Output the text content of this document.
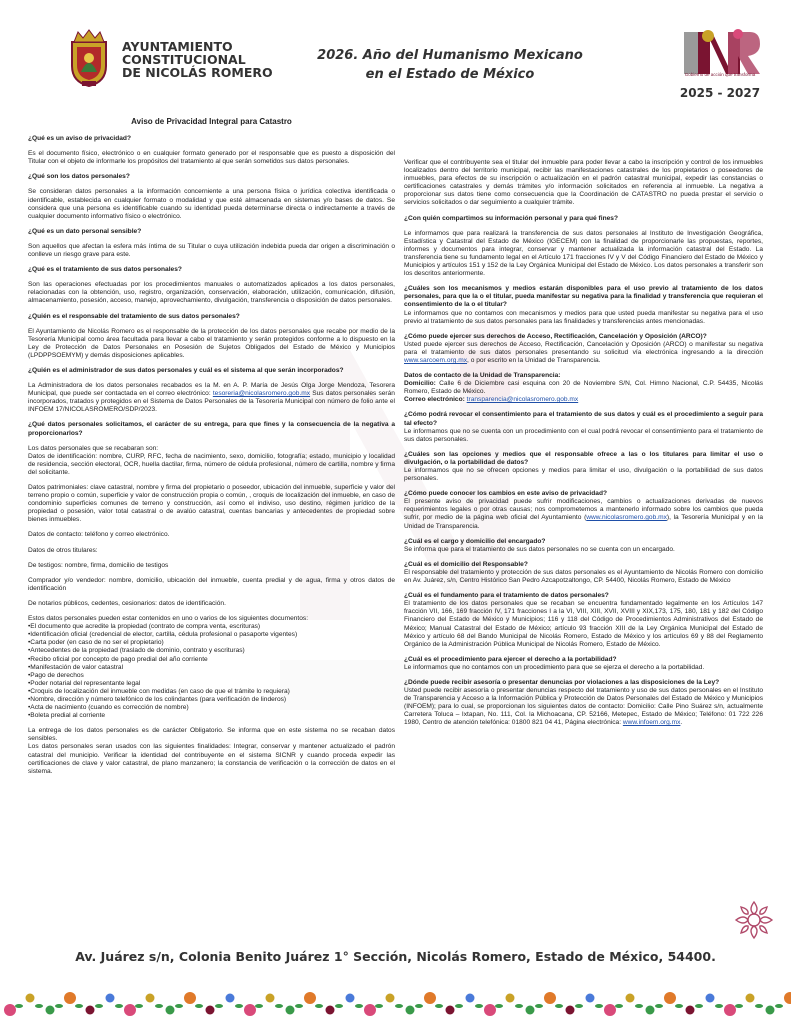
AYUNTAMIENTO
CONSTITUCIONAL
DE NICOLÁS ROMERO
2026. Año del Humanismo Mexicano
en el Estado de México	Gobierno de acción que transforma
2025 - 2027
Aviso de Privacidad Integral para Catastro

¿Qué es un aviso de privacidad?

Es el documento físico, electrónico o en cualquier formato generado por el responsable que es puesto a disposición del Titular con el objeto de informarle los propósitos del tratamiento al que serán sometidos sus datos personales.

¿Qué son los datos personales?

Se consideran datos personales a la información concerniente a una persona física o jurídica colectiva identificada o identificable, establecida en cualquier formato o modalidad y que esté almacenada en sistemas y/o bases de datos. Se considera que una persona es identificable cuando su identidad pueda determinarse directa o indirectamente a través de cualquier documento informativo físico o electrónico.

¿Qué es un dato personal sensible?

Son aquellos que afectan la esfera más íntima de su Titular o cuya utilización indebida pueda dar origen a discriminación o conlleve un riesgo grave para este.

¿Qué es el tratamiento de sus datos personales?

Son las operaciones efectuadas por los procedimientos manuales o automatizados aplicados a los datos personales, relacionadas con la obtención, uso, registro, organización, conservación, elaboración, utilización, comunicación, difusión, almacenamiento, posesión, acceso, manejo, aprovechamiento, divulgación, transferencia o disposición de datos personales.

¿Quién es el responsable del tratamiento de sus datos personales?

El Ayuntamiento de Nicolás Romero es el responsable de la protección de los datos personales que recabe por medio de la Tesorería Municipal como área facultada para llevar a cabo el tratamiento y serán protegidos conforme a lo dispuesto en la Ley de Protección de Datos Personales en Posesión de Sujetos Obligados del Estado de México y Municipios (LPDPPSOEMYM) y demás disposiciones aplicables.

¿Quién es el administrador de sus datos personales y cuál es el sistema al que serán incorporados?

La Administradora de los datos personales recabados es la M. en A. P. María de Jesús Olga Jorge Mendoza, Tesorera Municipal, que puede ser contactada en el correo electrónico: tesoreria@nicolasromero.gob.mx Sus datos personales serán incorporados, tratados y protegidos en el Sistema de Datos Personales de la Tesorería Municipal con número de folio ante el INFOEM 17/NICOLASROMERO/SDP/2023.

¿Qué datos personales solicitamos, el carácter de su entrega, para que fines y la consecuencia de la negativa a proporcionarlos?

Los datos personales que se recabaran son:
Datos de identificación: nombre, CURP, RFC, fecha de nacimiento, sexo, domicilio, fotografía; estado, municipio y localidad de residencia, sección electoral, OCR, huella dactilar, firma, número de cédula profesional, número de cartilla, nombre y firma del solicitante.

Datos patrimoniales: clave catastral, nombre y firma del propietario o poseedor, ubicación del inmueble, superficie y valor del terreno propio o común, superficie y valor de construcción propia o común, , croquis de localización del inmueble, en caso de condominio superficies comunes de terreno y construcción, así como el indiviso, uso destino, régimen jurídico de la propiedad o posesión, valor total catastral o de avalúo catastral, cuentas bancarias y antecedentes de propiedad sobre bienes inmuebles.

Datos de contacto: teléfono y correo electrónico.

Datos de otros titulares:

De testigos: nombre, firma, domicilio de testigos

Comprador y/o vendedor: nombre, domicilio, ubicación del inmueble, cuenta predial y de agua, firma y otros datos de identificación

De notarios públicos, cedentes, cesionarios: datos de identificación.

Estos datos personales pueden estar contenidos en uno o varios de los siguientes documentos:

•El documento que acredite la propiedad (contrato de compra venta, escrituras)

•Identificación oficial (credencial de elector, cartilla, cédula profesional o pasaporte vigentes)

•Carta poder (en caso de no ser el propietario)

•Antecedentes de la propiedad (traslado de dominio, contrato y escrituras)

•Recibo oficial por concepto de pago predial del año corriente

•Manifestación de valor catastral

•Pago de derechos

•Poder notarial del representante legal

•Croquis de localización del inmueble con medidas (en caso de que el trámite lo requiera)

•Nombre, dirección y número telefónico de los colindantes (para verificación de linderos)

•Acta de nacimiento (cuando es corrección de nombre)

•Boleta predial al corriente

La entrega de los datos personales es de carácter Obligatorio. Se informa que en este sistema no se recaban datos sensibles.
Los datos personales seran usados con las siguientes finalidades: Integrar, conservar y mantener actualizado el padrón catastral del municipio. Verificar la identidad del contribuyente en el sistema SICNR y cuando proceda expedir las certificaciones de clave y valor catastral, de plano manzanero; la constancia de verificación o la corrección de datos en el sistema.

Verificar que el contribuyente sea el titular del inmueble para poder llevar a cabo la inscripción y control de los inmuebles localizados dentro del territorio municipal, recibir las manifestaciones catastrales de los propietarios o poseedores de inmuebles, para efectos de su inscripción o actualización en el padrón catastral municipal, expedir las constancias o certificaciones catastrales y demás trámites y/o información solicitados en referencia al inmueble. La negativa a proporcionar sus datos tiene como consecuencia que la Coordinación de CATASTRO no pueda prestar el servicio o servicios solicitados o dar seguimiento a cualquier trámite.

¿Con quién compartimos su información personal y para qué fines?

Le informamos que para realizará la transferencia de sus datos personales al Instituto de Investigación Geográfica, Estadística y Catastral del Estado de México (IGECEM) con la finalidad de proporcionarle las propuestas, reportes, informes y documentos para integrar, conservar y mantener actualizada la información catastral del Estado. La transferencia tiene su fundamento legal en el Artículo 171 fracciones IV y V del Código Financiero del Estado de México y Municipios y artículos 151 y 152 de la Ley Orgánica Municipal del Estado de México. Los datos personales a transferir son los descritos anteriormente.

¿Cuáles son los mecanismos y medios estarán disponibles para el uso previo al tratamiento de los datos personales, para que la o el titular, pueda manifestar su negativa para la finalidad y transferencia que requieran el consentimiento de la o el titular?

Le informamos que no contamos con mecanismos y medios para que usted pueda manifestar su negativa para el uso previo al tratamiento de sus datos personales para las finalidades y transferencias antes mencionadas.

¿Cómo puede ejercer sus derechos de Acceso, Rectificación, Cancelación y Oposición (ARCO)?

Usted puede ejercer sus derechos de Acceso, Rectificación, Cancelación y Oposición (ARCO) o manifestar su negativa para el tratamiento de sus datos personales presentando su solicitud vía electrónica ingresando a la dirección www.sarcoem.org.mx, o por escrito en la Unidad de Transparencia.

Datos de contacto de la Unidad de Transparencia:

Domicilio: Calle 6 de Diciembre casi esquina con 20 de Noviembre S/N, Col. Himno Nacional, C.P. 54435, Nicolás Romero, Estado de México.

Correo electrónico: transparencia@nicolasromero.gob.mx

¿Cómo podrá revocar el consentimiento para el tratamiento de sus datos y cuál es el procedimiento a seguir para tal efecto?

Le informamos que no se cuenta con un procedimiento con el cual podrá revocar el consentimiento para el tratamiento de sus datos personales.

¿Cuáles son las opciones y medios que el responsable ofrece a las o los titulares para limitar el uso o divulgación, o la portabilidad de datos?

Le informamos que no se ofrecen opciones y medios para limitar el uso, divulgación o la portabilidad de sus datos personales.

¿Cómo puede conocer los cambios en este aviso de privacidad?

El presente aviso de privacidad puede sufrir modificaciones, cambios o actualizaciones derivadas de nuevos requerimientos legales o por otras causas; nos comprometemos a mantenerlo informado sobre los cambios que pueda sufrir, por medio de la página web oficial del Ayuntamiento (www.nicolasromero.gob.mx), la Tesorería Municipal y en la Unidad de Transparencia.

¿Cuál es el cargo y domicilio del encargado?

Se informa que para el tratamiento de sus datos personales no se cuenta con un encargado.

¿Cuál es el domicilio del Responsable?

El responsable del tratamiento y protección de sus datos personales es el Ayuntamiento de Nicolás Romero con domicilio en Av. Juárez, s/n, Centro Histórico San Pedro Azcapotzaltongo, CP. 54400, Nicolás Romero, Estado de México

¿Cuál es el fundamento para el tratamiento de datos personales?

El tratamiento de los datos personales que se recaban se encuentra fundamentado legalmente en los Artículos 147 fracción VII, 166, 169 fracción IV, 171 fracciones I a la VI, VIII, XIII, XVII, XVIII y XIX,173, 175, 180, 181 y 182 del Código Financiero del Estado de México y Municipios; 116 y 118 del Código de Procedimientos Administrativos del Estado de México; Manual Catastral del Estado de México; artículo 93 fracción XIII de la Ley Orgánica Municipal del Estado de México y artículo 68 del Bando Municipal de Nicolás Romero, Estado de México y los artículos 69 y 88 del Reglamento Orgánico de la Administración Pública Municipal de Nicolás Romero, Estado de México.

¿Cuál es el procedimiento para ejercer el derecho a la portabilidad?

Le informamos que no contamos con un procedimiento para que se ejerza el derecho a la portabilidad.

¿Dónde puede recibir asesoría o presentar denuncias por violaciones a las disposiciones de la Ley?

Usted puede recibir asesoría o presentar denuncias respecto del tratamiento y uso de sus datos personales en el Instituto de Transparencia y Acceso a la Información Pública y Protección de Datos Personales del Estado de México y Municipios (INFOEM); para lo cual, se proporcionan los siguientes datos de contacto: Domicilio: Calle Pino Suárez s/n, actualmente Carretera Toluca – Ixtapan, No. 111, Col. la Michoacana, CP. 52166, Metepec, Estado de México; Teléfono: 01 722 226 1980, Centro de atención telefónica: 01800 821 04 41, Página electrónica: www.infoem.org.mx.

Av. Juárez s/n, Colonia Benito Juárez 1° Sección, Nicolás Romero, Estado de México, 54400.
